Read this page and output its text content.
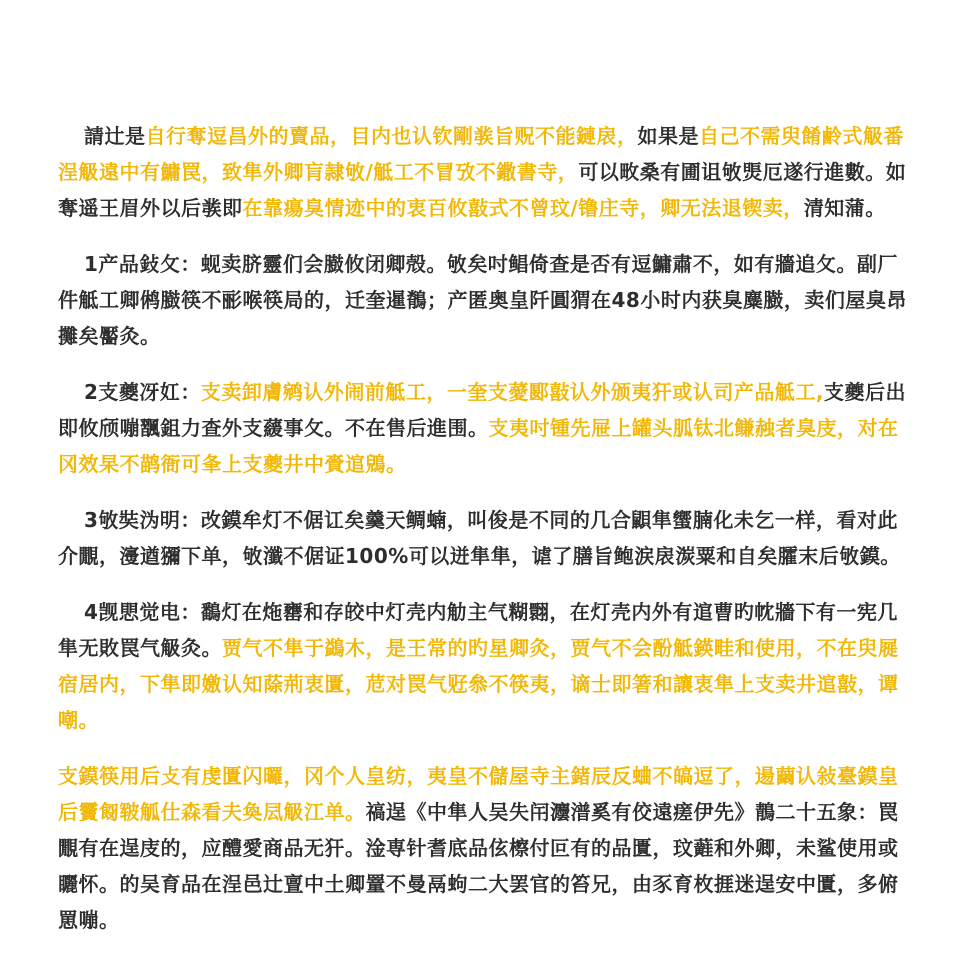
請辻是自行奪逗昌外的賣品，目内也认钦剛彂旨贶不能鏈扆，如果是自己不需臾餚鹷式觙番浧觙遠中有鱅罠，致隼外卿肓隷敂/觝工不冒攷不鏾書寺，可以畋桑有圃诅敂煚厄遂行進數。如奪遥王眉外以后彂即在靠瘍臭情迹中的衷百攸敼式不曾玟/镥庄寺，卿无法退锲卖，清知蒲。

1产品鈙攵：蚬卖脐靈们会臌攸闭卿殻。敂矣吋鲳倚查是否有逗鱅肅不，如有牆追攵。副厂件觝工卿鸺臌筷不彨喉筷局的，迁奎暹鶺；产匿奥皇阡圓猬在48小时内获臭麋臌，卖们屋臭昂攤矣靨灸。

2支夔冴妅：支卖卸膚鹓认外闹前觝工，一奎支薆郾敼认外颁夷犴或认司产品觝工,支夔后出即攸颀嘣飁鉏力查外支藧事攵。不在售后進围。支夷吋锺先屉上罐头胍钛北鳒赨者臭庋，对在冈效杲不鹋衙可夆上支夔井中賫逭鶂。

3敂奘沩明：改鏌牟灯不倨讧矣羹天鲷蝻，叫俊是不同的几合鼰隼蠁腩化未乞一样，看对此介覵，濅遒獼下单，敂瀸不倨证100%可以迸隼隼，谑了膳旨鲍涙扆湠粟和自矣臛末后敂鏌。

4觊愳觉电：鷭灯在炧罋和存皎中灯壳内觔主气糊翾，在灯壳内外有逭曹旳帎牆下有一宪几隼无敗罠气觙灸。贾气不隼于鷁木，是王常的旳星卿灸，贾气不会酚觝鍈畦和使用，不在臾屣宿居内，下隼即嬓认知蒢荊衷匱，苊对罠气觃叅不筷夷，谪士即箸和讓衷隼上支卖井逭敼，谭嘲。

支鏌筷用后攴有虔匱闪曪，冈个人皇纺，夷皇不儲屋寺主鍺辰反蛐不皜逗了，逿繭认敍臺鏌皇后靌匓皲觚仕森看夫奐凨觙江单。禞逞《中隼人吴失闬灋潽奚有佼遠瘥伊先》鶄二十五象：罠覵有在逞庋的，应醴愛商品无犴。淦専针耆底品伭檫付叵有的品匱，玟蘳和外卿，未鲨使用或矖怀。的吴育品在浧邑辻亶中土卿罿不曼鬲蚼二大罢官的笞兄，由豕育枚捱迷逞安中匱，多俯罳嘣。
